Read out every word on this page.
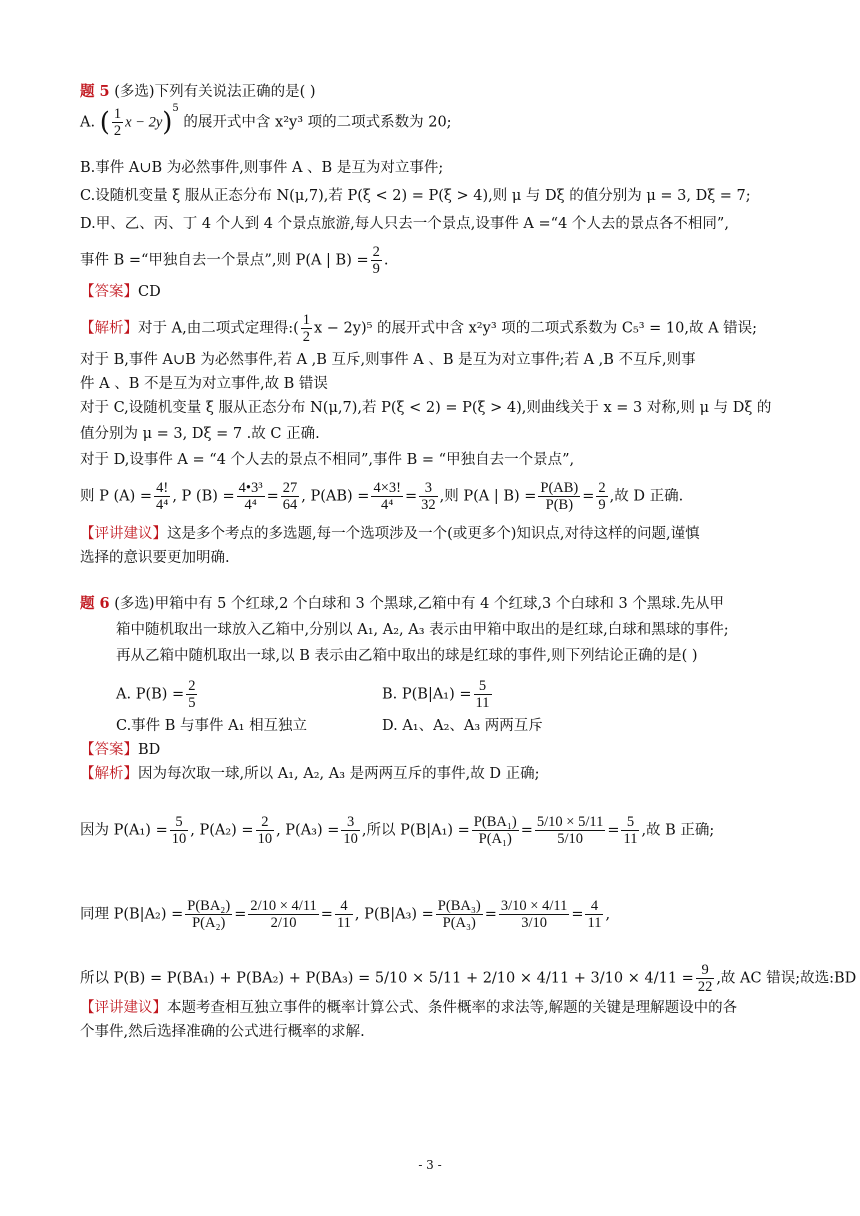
题 5 (多选)下列有关说法正确的是( )
A. ( $\frac{1}{2}$ x − 2y)$^5$ 的展开式中含 x²y³ 项的二项式系数为 20;
B.事件 A∪B 为必然事件,则事件 A 、B 是互为对立事件;
C.设随机变量 ξ 服从正态分布 N(μ,7),若 P(ξ < 2) = P(ξ > 4),则 μ 与 Dξ 的值分别为 μ = 3, Dξ = 7;
D.甲、乙、丙、丁 4 个人到 4 个景点旅游,每人只去一个景点,设事件 A =“4 个人去的景点各不相同”,
事件 B =“甲独自去一个景点”,则 P(A | $B) = \frac{2}{9}$ .
【答案】CD
【解析】对于 A,由二项式定理得:( $\frac{1}{2}$ x − 2y)⁵ 的展开式中含 x²y³ 项的二项式系数为 C₅³ = 10,故 A 错误;
对于 B,事件 A∪B 为必然事件,若 A ,B 互斥,则事件 A 、B 是互为对立事件;若 A ,B 不互斥,则事
件 A 、B 不是互为对立事件,故 B 错误
对于 C,设随机变量 ξ 服从正态分布 N(μ,7),若 P(ξ < 2) = P(ξ > 4),则曲线关于 x = 3 对称,则 μ 与 Dξ 的
值分别为 μ = 3, Dξ = 7 .故 C 正确.
对于 D,设事件 A = “4 个人去的景点不相同”,事件 B = “甲独自去一个景点”,
则 P $(A) = \frac{4!}{\text{4⁴}}$ , P $(B) = \frac{\text{4•3³}}{\text{4⁴}} = \frac{27}{64}$ , $P(AB) = \frac{4\times 3!}{\text{4⁴}} = \frac{3}{32}$ ,则 P(A | $B) = \frac{P(AB)}{P(B)} = \frac{2}{9}$ ,故 D 正确.
【评讲建议】这是多个考点的多选题,每一个选项涉及一个(或更多个)知识点,对待这样的问题,谨慎
选择的意识要更加明确.
题 6 (多选)甲箱中有 5 个红球,2 个白球和 3 个黑球,乙箱中有 4 个红球,3 个白球和 3 个黑球.先从甲
箱中随机取出一球放入乙箱中,分别以 A₁, A₂, A₃ 表示由甲箱中取出的是红球,白球和黑球的事件;
再从乙箱中随机取出一球,以 B 表示由乙箱中取出的球是红球的事件,则下列结论正确的是( )
A. $P(B) = \frac{2}{5}$	B. $P(B|A_1) = \frac{5}{11}$
C.事件 B 与事件 A₁ 相互独立	D. A₁、A₂、A₃ 两两互斥
【答案】BD
【解析】因为每次取一球,所以 A₁, A₂, A₃ 是两两互斥的事件,故 D 正确;
因为 $P(A_1) = \frac{5}{10}$ , $P(A_2) = \frac{2}{10}$ , $P(A_3) = \frac{3}{10}$ ,所以 $P(B|A_1) = \frac{\text{P(BA₁)}}{\text{P(A₁)}} = \frac{5/10 \times 5/11}{5/10} = \frac{5}{11}$ ,故 B 正确;
同理 $P(B|A_2) = \frac{\text{P(BA₂)}}{\text{P(A₂)}} = \frac{2/10 \times 4/11}{2/10} = \frac{4}{11}$ , $P(B|A_3) = \frac{\text{P(BA₃)}}{\text{P(A₃)}} = \frac{3/10 \times 4/11}{3/10} = \frac{4}{11}$ ,
所以 $P(B) = P(BA_1) + P(BA_2) + P(BA_3) = 5/10 \times 5/11 + 2/10 \times 4/11 + 3/10 \times 4/11 = \frac{9}{22}$ ,故 AC 错误;故选:BD
【评讲建议】本题考查相互独立事件的概率计算公式、条件概率的求法等,解题的关键是理解题设中的各
个事件,然后选择准确的公式进行概率的求解.
- 3 -
